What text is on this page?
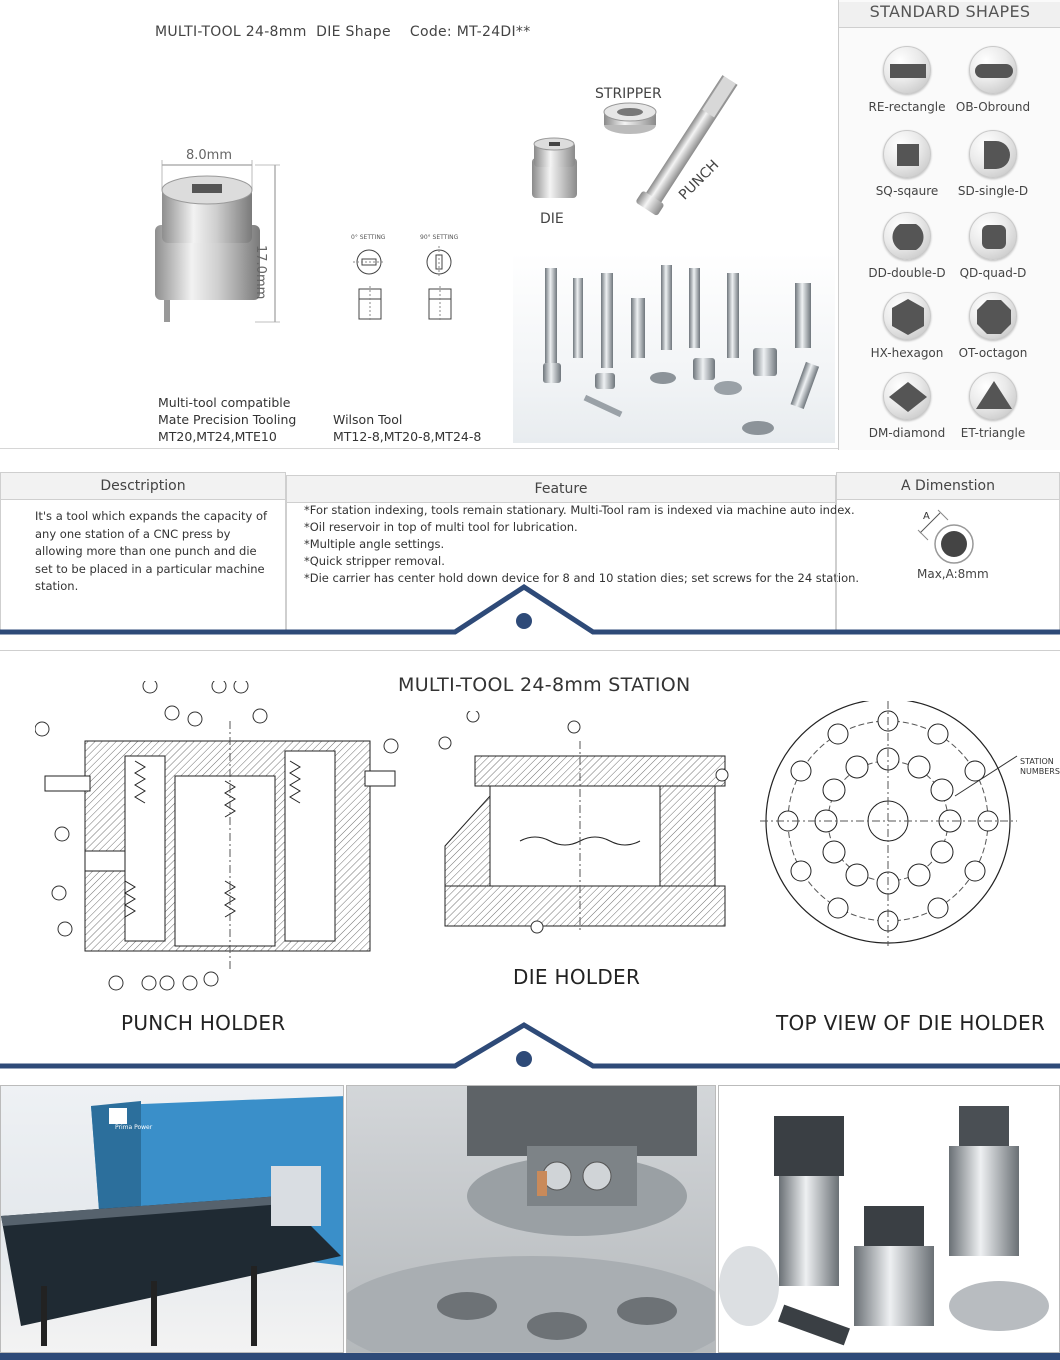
MULTI-TOOL 24-8mm  DIE Shape    Code: MT-24DI**
8.0mm
17.0mm
0° SETTING	90° SETTING
STRIPPER
DIE
PUNCH
Multi-tool compatible
Mate Precision Tooling
MT20,MT24,MTE10
Wilson Tool
MT12-8,MT20-8,MT24-8
STANDARD SHAPES
RE-rectangle OB-Obround
SQ-sqaure	SD-single-D
DD-double-D	QD-quad-D
HX-hexagon	OT-octagon
DM-diamond	ET-triangle
Desctription	Feature	A Dimenstion
It's a tool which expands the capacity of any one station of a CNC press by allowing more than one punch and die set to be placed in a particular machine station.
*For station indexing, tools remain stationary. Multi-Tool ram is indexed via machine auto index.
*Oil reservoir in top of multi tool for lubrication.
*Multiple angle settings.
*Quick stripper removal.
*Die carrier has center hold down device for 8 and 10 station dies; set screws for the 24 station.
A
Max,A:8mm
MULTI-TOOL 24-8mm STATION
DIE HOLDER
STATION
NUMBERS
PUNCH HOLDER	TOP VIEW OF DIE HOLDER
Prima Power
